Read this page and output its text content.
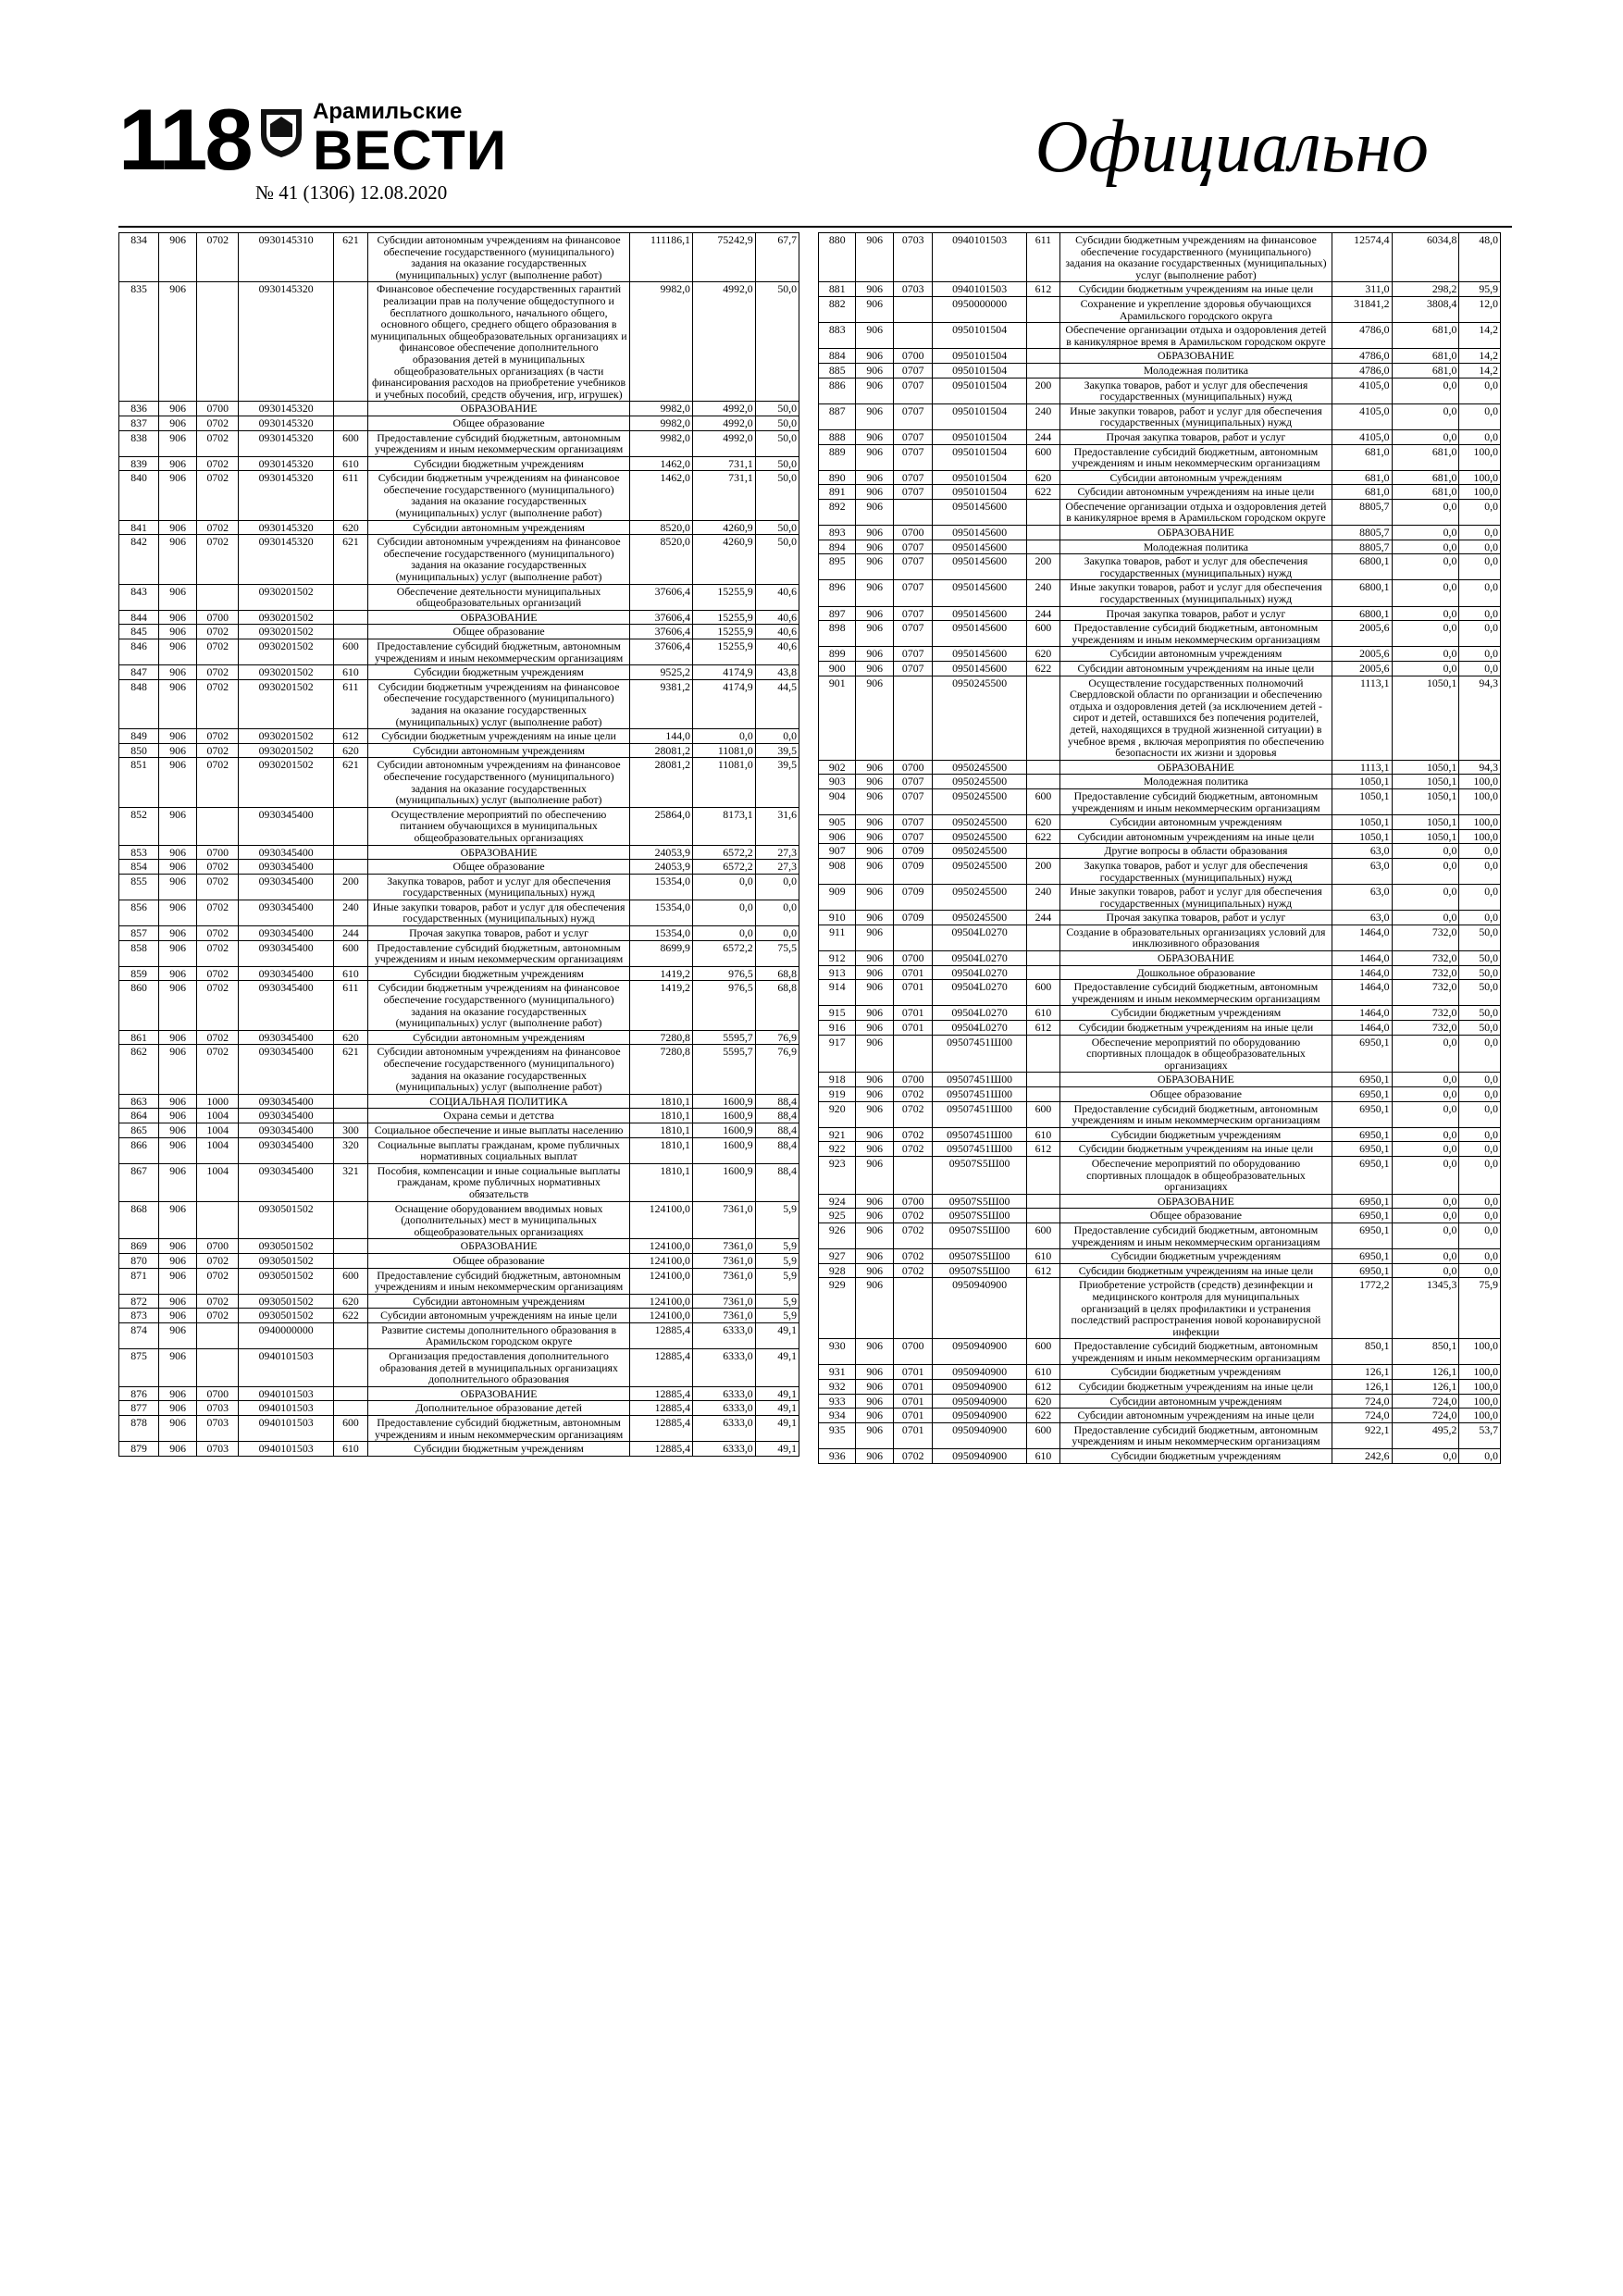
118	Арамильские
ВЕСТИ
№ 41 (1306) 12.08.2020
Официально
834	906	0702	0930145310	621	Субсидии автономным учреждениям на финансовое обеспечение государственного (муниципального) задания на оказание государственных (муниципальных) услуг (выполнение работ)	111186,1	75242,9	67,7
835	906		0930145320		Финансовое обеспечение государственных гарантий реализации прав на получение общедоступного и бесплатного дошкольного, начального общего, основного общего, среднего общего образования в муниципальных общеобразовательных организациях и финансовое обеспечение дополнительного образования детей в муниципальных общеобразовательных организациях (в части финансирования расходов на приобретение учебников и учебных пособий, средств обучения, игр, игрушек)	9982,0	4992,0	50,0
836	906	0700	0930145320		ОБРАЗОВАНИЕ	9982,0	4992,0	50,0
837	906	0702	0930145320		Общее образование	9982,0	4992,0	50,0
838	906	0702	0930145320	600	Предоставление субсидий бюджетным, автономным учреждениям и иным некоммерческим организациям	9982,0	4992,0	50,0
839	906	0702	0930145320	610	Субсидии бюджетным учреждениям	1462,0	731,1	50,0
840	906	0702	0930145320	611	Субсидии бюджетным учреждениям на финансовое обеспечение государственного (муниципального) задания на оказание государственных (муниципальных) услуг (выполнение работ)	1462,0	731,1	50,0
841	906	0702	0930145320	620	Субсидии автономным учреждениям	8520,0	4260,9	50,0
842	906	0702	0930145320	621	Субсидии автономным учреждениям на финансовое обеспечение государственного (муниципального) задания на оказание государственных (муниципальных) услуг (выполнение работ)	8520,0	4260,9	50,0
843	906		0930201502		Обеспечение деятельности муниципальных общеобразовательных организаций	37606,4	15255,9	40,6
844	906	0700	0930201502		ОБРАЗОВАНИЕ	37606,4	15255,9	40,6
845	906	0702	0930201502		Общее образование	37606,4	15255,9	40,6
846	906	0702	0930201502	600	Предоставление субсидий бюджетным, автономным учреждениям и иным некоммерческим организациям	37606,4	15255,9	40,6
847	906	0702	0930201502	610	Субсидии бюджетным учреждениям	9525,2	4174,9	43,8
848	906	0702	0930201502	611	Субсидии бюджетным учреждениям на финансовое обеспечение государственного (муниципального) задания на оказание государственных (муниципальных) услуг (выполнение работ)	9381,2	4174,9	44,5
849	906	0702	0930201502	612	Субсидии бюджетным учреждениям на иные цели	144,0	0,0	0,0
850	906	0702	0930201502	620	Субсидии автономным учреждениям	28081,2	11081,0	39,5
851	906	0702	0930201502	621	Субсидии автономным учреждениям на финансовое обеспечение государственного (муниципального) задания на оказание государственных (муниципальных) услуг (выполнение работ)	28081,2	11081,0	39,5
852	906		0930345400		Осуществление мероприятий по обеспечению питанием обучающихся в муниципальных общеобразовательных организациях	25864,0	8173,1	31,6
853	906	0700	0930345400		ОБРАЗОВАНИЕ	24053,9	6572,2	27,3
854	906	0702	0930345400		Общее образование	24053,9	6572,2	27,3
855	906	0702	0930345400	200	Закупка товаров, работ и услуг для обеспечения государственных (муниципальных) нужд	15354,0	0,0	0,0
856	906	0702	0930345400	240	Иные закупки товаров, работ и услуг для обеспечения государственных (муниципальных) нужд	15354,0	0,0	0,0
857	906	0702	0930345400	244	Прочая закупка товаров, работ и услуг	15354,0	0,0	0,0
858	906	0702	0930345400	600	Предоставление субсидий бюджетным, автономным учреждениям и иным некоммерческим организациям	8699,9	6572,2	75,5
859	906	0702	0930345400	610	Субсидии бюджетным учреждениям	1419,2	976,5	68,8
860	906	0702	0930345400	611	Субсидии бюджетным учреждениям на финансовое обеспечение государственного (муниципального) задания на оказание государственных (муниципальных) услуг (выполнение работ)	1419,2	976,5	68,8
861	906	0702	0930345400	620	Субсидии автономным учреждениям	7280,8	5595,7	76,9
862	906	0702	0930345400	621	Субсидии автономным учреждениям на финансовое обеспечение государственного (муниципального) задания на оказание государственных (муниципальных) услуг (выполнение работ)	7280,8	5595,7	76,9
863	906	1000	0930345400		СОЦИАЛЬНАЯ ПОЛИТИКА	1810,1	1600,9	88,4
864	906	1004	0930345400		Охрана семьи и детства	1810,1	1600,9	88,4
865	906	1004	0930345400	300	Социальное обеспечение и иные выплаты населению	1810,1	1600,9	88,4
866	906	1004	0930345400	320	Социальные выплаты гражданам, кроме публичных нормативных социальных выплат	1810,1	1600,9	88,4
867	906	1004	0930345400	321	Пособия, компенсации и иные социальные выплаты гражданам, кроме публичных нормативных обязательств	1810,1	1600,9	88,4
868	906		0930501502		Оснащение оборудованием вводимых новых (дополнительных) мест в муниципальных общеобразовательных организациях	124100,0	7361,0	5,9
869	906	0700	0930501502		ОБРАЗОВАНИЕ	124100,0	7361,0	5,9
870	906	0702	0930501502		Общее образование	124100,0	7361,0	5,9
871	906	0702	0930501502	600	Предоставление субсидий бюджетным, автономным учреждениям и иным некоммерческим организациям	124100,0	7361,0	5,9
872	906	0702	0930501502	620	Субсидии автономным учреждениям	124100,0	7361,0	5,9
873	906	0702	0930501502	622	Субсидии автономным учреждениям на иные цели	124100,0	7361,0	5,9
874	906		0940000000		Развитие системы дополнительного образования в Арамильском городском округе	12885,4	6333,0	49,1
875	906		0940101503		Организация предоставления дополнительного образования детей в муниципальных организациях дополнительного образования	12885,4	6333,0	49,1
876	906	0700	0940101503		ОБРАЗОВАНИЕ	12885,4	6333,0	49,1
877	906	0703	0940101503		Дополнительное образование детей	12885,4	6333,0	49,1
878	906	0703	0940101503	600	Предоставление субсидий бюджетным, автономным учреждениям и иным некоммерческим организациям	12885,4	6333,0	49,1
879	906	0703	0940101503	610	Субсидии бюджетным учреждениям	12885,4	6333,0	49,1
880	906	0703	0940101503	611	Субсидии бюджетным учреждениям на финансовое обеспечение государственного (муниципального) задания на оказание государственных (муниципальных) услуг (выполнение работ)	12574,4	6034,8	48,0
881	906	0703	0940101503	612	Субсидии бюджетным учреждениям на иные цели	311,0	298,2	95,9
882	906		0950000000		Сохранение и укрепление здоровья обучающихся Арамильского городского округа	31841,2	3808,4	12,0
883	906		0950101504		Обеспечение организации отдыха и оздоровления детей в каникулярное время в Арамильском городском округе	4786,0	681,0	14,2
884	906	0700	0950101504		ОБРАЗОВАНИЕ	4786,0	681,0	14,2
885	906	0707	0950101504		Молодежная политика	4786,0	681,0	14,2
886	906	0707	0950101504	200	Закупка товаров, работ и услуг для обеспечения государственных (муниципальных) нужд	4105,0	0,0	0,0
887	906	0707	0950101504	240	Иные закупки товаров, работ и услуг для обеспечения государственных (муниципальных) нужд	4105,0	0,0	0,0
888	906	0707	0950101504	244	Прочая закупка товаров, работ и услуг	4105,0	0,0	0,0
889	906	0707	0950101504	600	Предоставление субсидий бюджетным, автономным учреждениям и иным некоммерческим организациям	681,0	681,0	100,0
890	906	0707	0950101504	620	Субсидии автономным учреждениям	681,0	681,0	100,0
891	906	0707	0950101504	622	Субсидии автономным учреждениям на иные цели	681,0	681,0	100,0
892	906		0950145600		Обеспечение организации отдыха и оздоровления детей в каникулярное время в Арамильском городском округе	8805,7	0,0	0,0
893	906	0700	0950145600		ОБРАЗОВАНИЕ	8805,7	0,0	0,0
894	906	0707	0950145600		Молодежная политика	8805,7	0,0	0,0
895	906	0707	0950145600	200	Закупка товаров, работ и услуг для обеспечения государственных (муниципальных) нужд	6800,1	0,0	0,0
896	906	0707	0950145600	240	Иные закупки товаров, работ и услуг для обеспечения государственных (муниципальных) нужд	6800,1	0,0	0,0
897	906	0707	0950145600	244	Прочая закупка товаров, работ и услуг	6800,1	0,0	0,0
898	906	0707	0950145600	600	Предоставление субсидий бюджетным, автономным учреждениям и иным некоммерческим организациям	2005,6	0,0	0,0
899	906	0707	0950145600	620	Субсидии автономным учреждениям	2005,6	0,0	0,0
900	906	0707	0950145600	622	Субсидии автономным учреждениям на иные цели	2005,6	0,0	0,0
901	906		0950245500		Осуществление государственных полномочий Свердловской области по организации и обеспечению отдыха и оздоровления детей (за исключением детей - сирот и детей, оставшихся без попечения родителей, детей, находящихся в трудной жизненной ситуации) в учебное время , включая мероприятия по обеспечению безопасности их жизни и здоровья	1113,1	1050,1	94,3
902	906	0700	0950245500		ОБРАЗОВАНИЕ	1113,1	1050,1	94,3
903	906	0707	0950245500		Молодежная политика	1050,1	1050,1	100,0
904	906	0707	0950245500	600	Предоставление субсидий бюджетным, автономным учреждениям и иным некоммерческим организациям	1050,1	1050,1	100,0
905	906	0707	0950245500	620	Субсидии автономным учреждениям	1050,1	1050,1	100,0
906	906	0707	0950245500	622	Субсидии автономным учреждениям на иные цели	1050,1	1050,1	100,0
907	906	0709	0950245500		Другие вопросы в области образования	63,0	0,0	0,0
908	906	0709	0950245500	200	Закупка товаров, работ и услуг для обеспечения государственных (муниципальных) нужд	63,0	0,0	0,0
909	906	0709	0950245500	240	Иные закупки товаров, работ и услуг для обеспечения государственных (муниципальных) нужд	63,0	0,0	0,0
910	906	0709	0950245500	244	Прочая закупка товаров, работ и услуг	63,0	0,0	0,0
911	906		09504L0270		Создание в образовательных организациях условий для инклюзивного образования	1464,0	732,0	50,0
912	906	0700	09504L0270		ОБРАЗОВАНИЕ	1464,0	732,0	50,0
913	906	0701	09504L0270		Дошкольное образование	1464,0	732,0	50,0
914	906	0701	09504L0270	600	Предоставление субсидий бюджетным, автономным учреждениям и иным некоммерческим организациям	1464,0	732,0	50,0
915	906	0701	09504L0270	610	Субсидии бюджетным учреждениям	1464,0	732,0	50,0
916	906	0701	09504L0270	612	Субсидии бюджетным учреждениям на иные цели	1464,0	732,0	50,0
917	906		09507451Ш00		Обеспечение мероприятий по оборудованию спортивных площадок в общеобразовательных организациях	6950,1	0,0	0,0
918	906	0700	09507451Ш00		ОБРАЗОВАНИЕ	6950,1	0,0	0,0
919	906	0702	09507451Ш00		Общее образование	6950,1	0,0	0,0
920	906	0702	09507451Ш00	600	Предоставление субсидий бюджетным, автономным учреждениям и иным некоммерческим организациям	6950,1	0,0	0,0
921	906	0702	09507451Ш00	610	Субсидии бюджетным учреждениям	6950,1	0,0	0,0
922	906	0702	09507451Ш00	612	Субсидии бюджетным учреждениям на иные цели	6950,1	0,0	0,0
923	906		09507S5Ш00		Обеспечение мероприятий по оборудованию спортивных площадок в общеобразовательных организациях	6950,1	0,0	0,0
924	906	0700	09507S5Ш00		ОБРАЗОВАНИЕ	6950,1	0,0	0,0
925	906	0702	09507S5Ш00		Общее образование	6950,1	0,0	0,0
926	906	0702	09507S5Ш00	600	Предоставление субсидий бюджетным, автономным учреждениям и иным некоммерческим организациям	6950,1	0,0	0,0
927	906	0702	09507S5Ш00	610	Субсидии бюджетным учреждениям	6950,1	0,0	0,0
928	906	0702	09507S5Ш00	612	Субсидии бюджетным учреждениям на иные цели	6950,1	0,0	0,0
929	906		0950940900		Приобретение устройств (средств) дезинфекции и медицинского контроля для муниципальных организаций в целях профилактики и устранения последствий распространения новой коронавирусной инфекции	1772,2	1345,3	75,9
930	906	0700	0950940900	600	Предоставление субсидий бюджетным, автономным учреждениям и иным некоммерческим организациям	850,1	850,1	100,0
931	906	0701	0950940900	610	Субсидии бюджетным учреждениям	126,1	126,1	100,0
932	906	0701	0950940900	612	Субсидии бюджетным учреждениям на иные цели	126,1	126,1	100,0
933	906	0701	0950940900	620	Субсидии автономным учреждениям	724,0	724,0	100,0
934	906	0701	0950940900	622	Субсидии автономным учреждениям на иные цели	724,0	724,0	100,0
935	906	0701	0950940900	600	Предоставление субсидий бюджетным, автономным учреждениям и иным некоммерческим организациям	922,1	495,2	53,7
936	906	0702	0950940900	610	Субсидии бюджетным учреждениям	242,6	0,0	0,0
